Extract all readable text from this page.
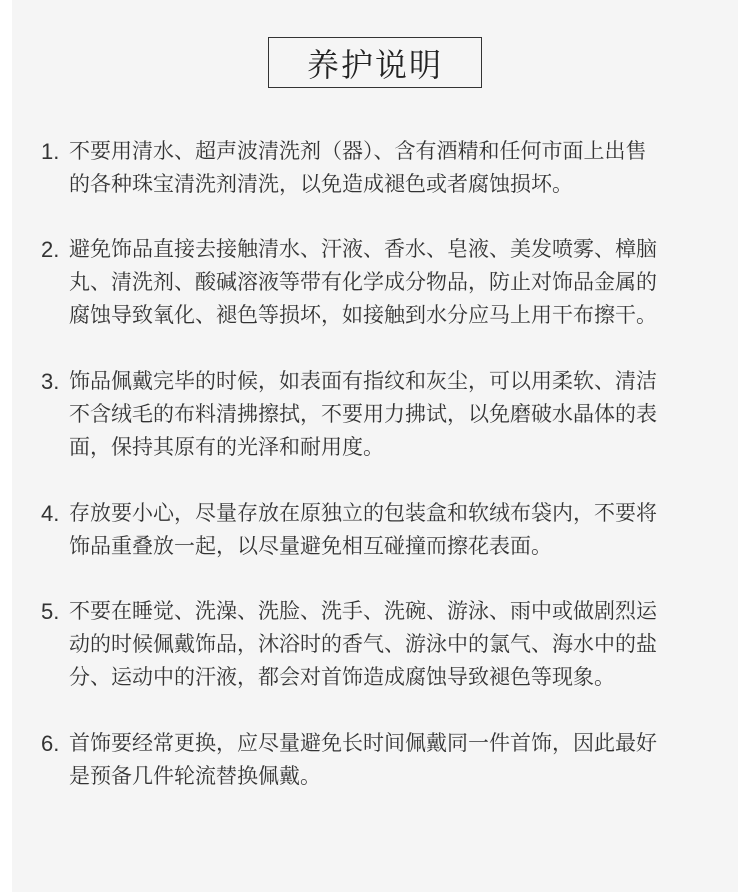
养护说明
1. 不要用清水、超声波清洗剂（器）、含有酒精和任何市面上出售
的各种珠宝清洗剂清洗，以免造成褪色或者腐蚀损坏。
2. 避免饰品直接去接触清水、汗液、香水、皂液、美发喷雾、樟脑
丸、清洗剂、酸碱溶液等带有化学成分物品，防止对饰品金属的
腐蚀导致氧化、褪色等损坏，如接触到水分应马上用干布擦干。
3. 饰品佩戴完毕的时候，如表面有指纹和灰尘，可以用柔软、清洁
不含绒毛的布料清拂擦拭，不要用力拂试，以免磨破水晶体的表
面，保持其原有的光泽和耐用度。
4. 存放要小心，尽量存放在原独立的包装盒和软绒布袋内，不要将
饰品重叠放一起，以尽量避免相互碰撞而擦花表面。
5. 不要在睡觉、洗澡、洗脸、洗手、洗碗、游泳、雨中或做剧烈运
动的时候佩戴饰品，沐浴时的香气、游泳中的氯气、海水中的盐
分、运动中的汗液，都会对首饰造成腐蚀导致褪色等现象。
6. 首饰要经常更换，应尽量避免长时间佩戴同一件首饰，因此最好
是预备几件轮流替换佩戴。
